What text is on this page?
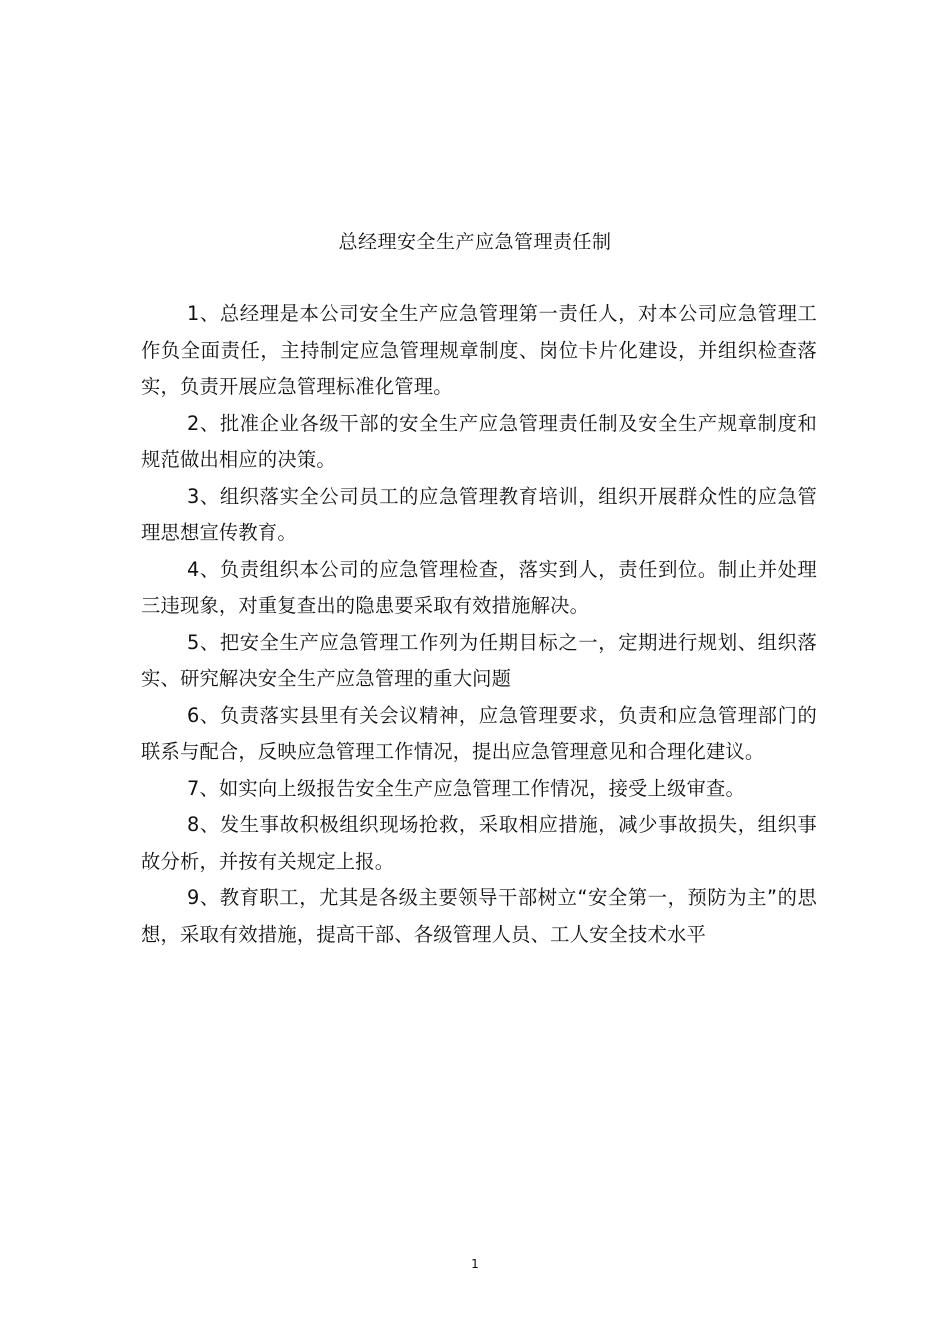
总经理安全生产应急管理责任制

1、总经理是本公司安全生产应急管理第一责任人，对本公司应急管理工作负全面责任，主持制定应急管理规章制度、岗位卡片化建设，并组织检查落实，负责开展应急管理标准化管理。

2、批准企业各级干部的安全生产应急管理责任制及安全生产规章制度和规范做出相应的决策。

3、组织落实全公司员工的应急管理教育培训，组织开展群众性的应急管理思想宣传教育。

4、负责组织本公司的应急管理检查，落实到人，责任到位。制止并处理三违现象，对重复查出的隐患要采取有效措施解决。

5、把安全生产应急管理工作列为任期目标之一，定期进行规划、组织落实、研究解决安全生产应急管理的重大问题

6、负责落实县里有关会议精神，应急管理要求，负责和应急管理部门的联系与配合，反映应急管理工作情况，提出应急管理意见和合理化建议。

7、如实向上级报告安全生产应急管理工作情况，接受上级审查。

8、发生事故积极组织现场抢救，采取相应措施，减少事故损失，组织事故分析，并按有关规定上报。

9、教育职工，尤其是各级主要领导干部树立“安全第一，预防为主”的思想，采取有效措施，提高干部、各级管理人员、工人安全技术水平

1
